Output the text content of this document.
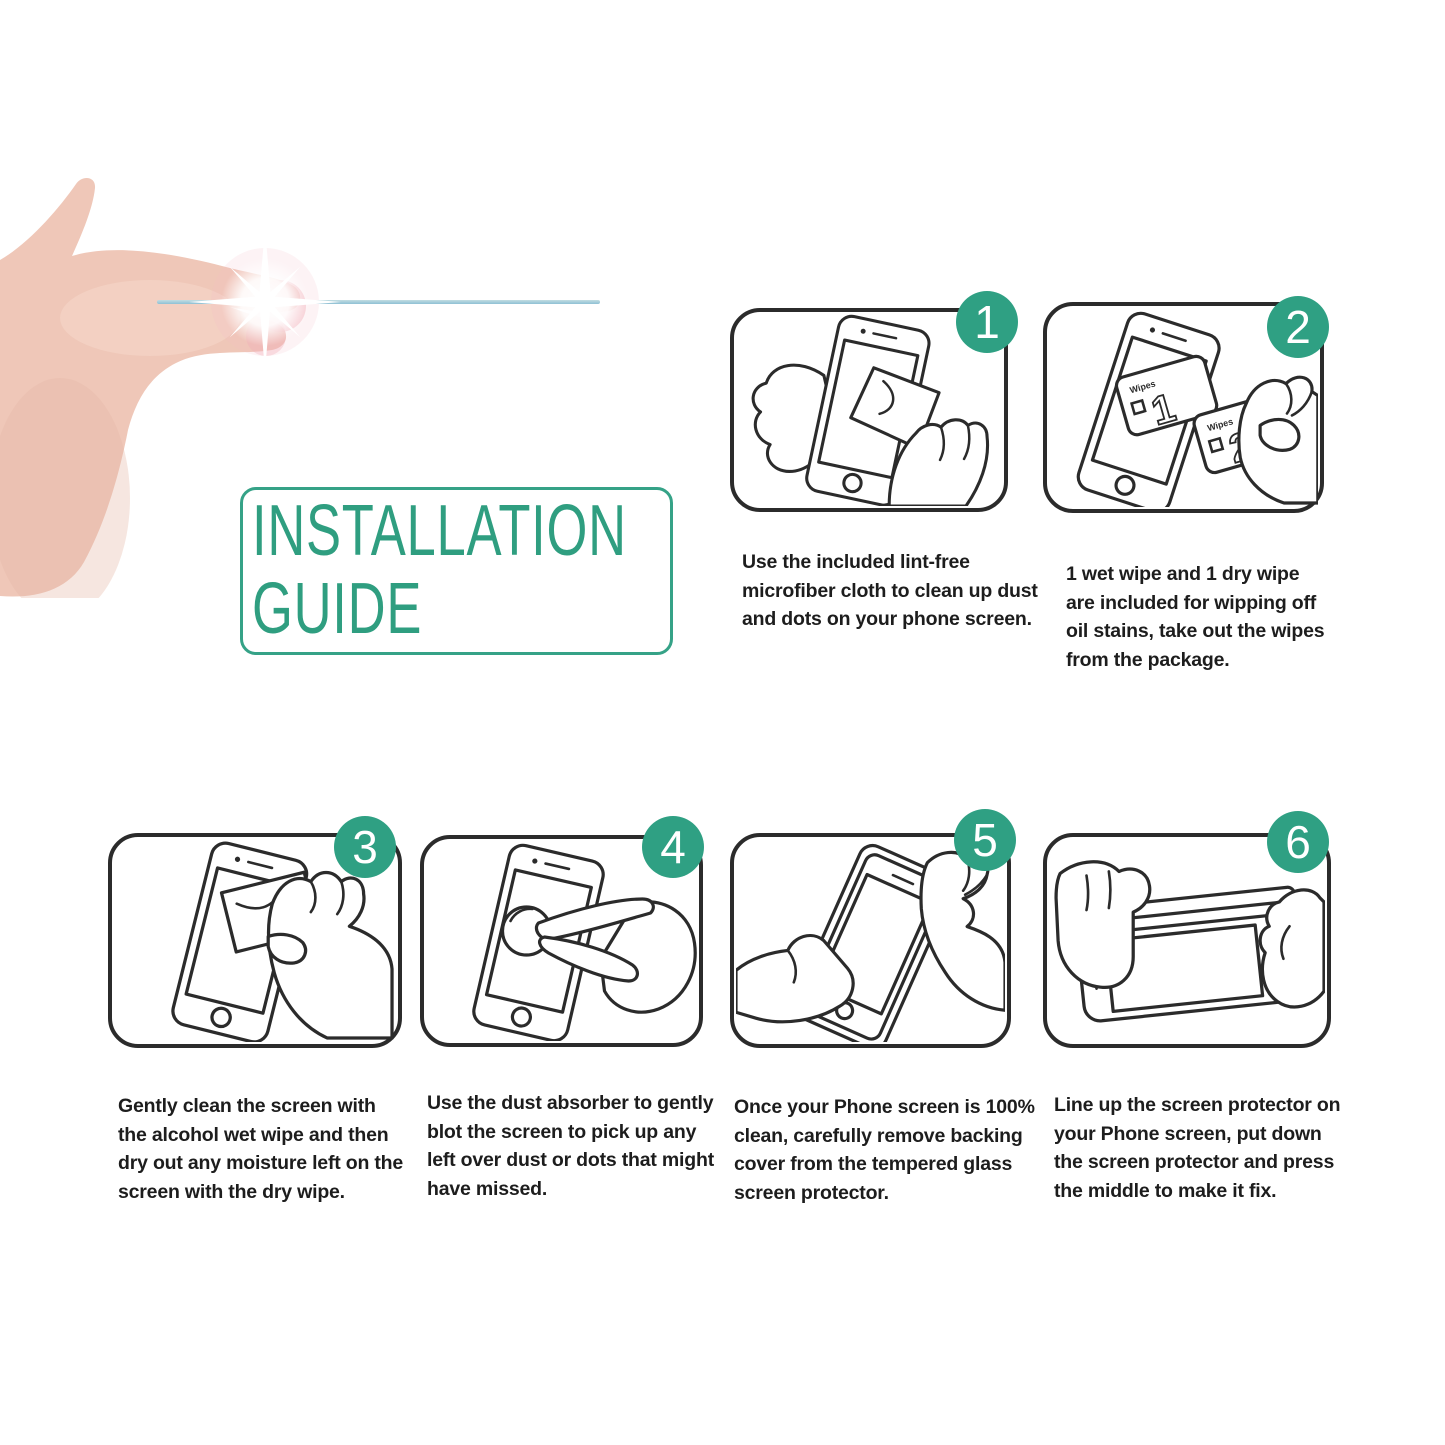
INSTALLATION
GUIDE
1
Use the included lint-free microfiber cloth to clean up dust and dots on your phone screen.
Wipes
1	Wipes
2
1 wet wipe and 1 dry wipe are included for wipping off oil stains, take out the wipes from the package.
3
Gently clean the screen with the alcohol wet wipe and then dry out any moisture left on the screen with the dry wipe.
4
Use the dust absorber to gently blot the screen to pick up any left over dust or dots that might have missed.
5
Once your Phone screen is 100% clean, carefully remove backing cover from the tempered glass screen protector.
6
Line up the screen protector on your Phone screen, put down the screen protector and press the middle to make it fix.
